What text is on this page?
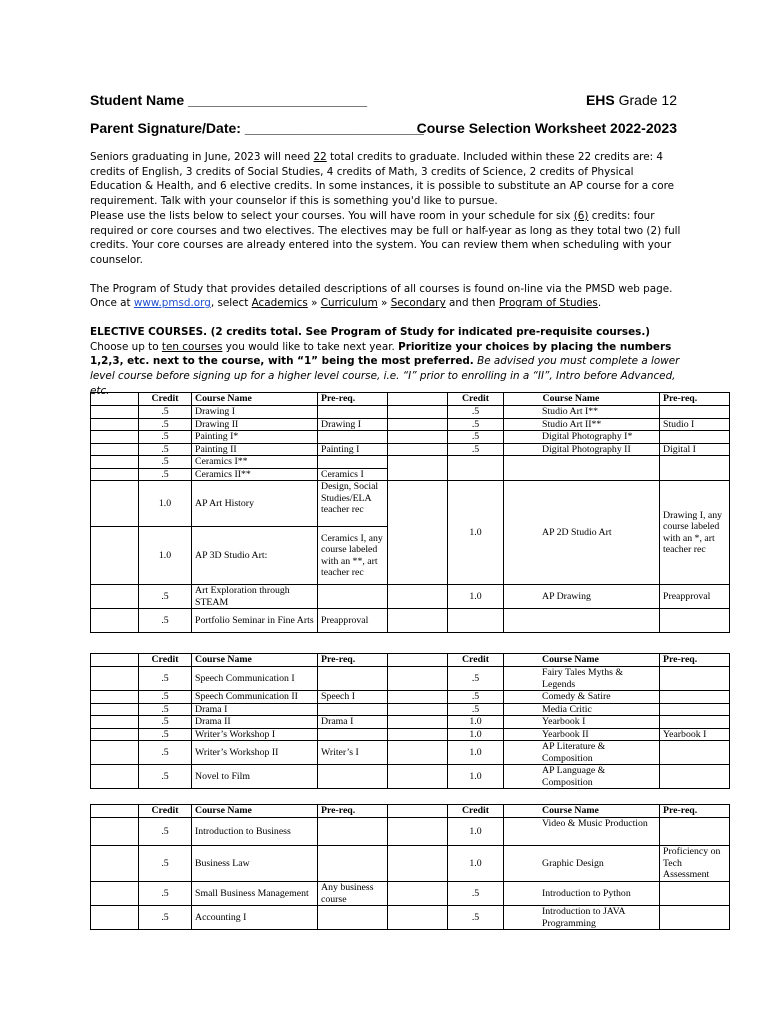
Student Name _______________________	EHS Grade 12
Parent Signature/Date: _______________________
Course Selection Worksheet 2022-2023

Seniors graduating in June, 2023 will need 22 total credits to graduate. Included within these 22 credits are: 4 credits of English, 3 credits of Social Studies, 4 credits of Math, 3 credits of Science, 2 credits of Physical Education & Health, and 6 elective credits. In some instances, it is possible to substitute an AP course for a core requirement. Talk with your counselor if this is something you'd like to pursue.

Please use the lists below to select your courses. You will have room in your schedule for six (6) credits: four required or core courses and two electives. The electives may be full or half-year as long as they total two (2) full credits. Your core courses are already entered into the system. You can review them when scheduling with your counselor.

The Program of Study that provides detailed descriptions of all courses is found on-line via the PMSD web page. Once at www.pmsd.org, select Academics » Curriculum » Secondary and then Program of Studies.

ELECTIVE COURSES. (2 credits total. See Program of Study for indicated pre-requisite courses.)

Choose up to ten courses you would like to take next year. Prioritize your choices by placing the numbers 1,2,3, etc. next to the course, with “1” being the most preferred. Be advised you must complete a lower level course before signing up for a higher level course, i.e. “I” prior to enrolling in a “II”, Intro before Advanced, etc.

	Credit	Course Name	Pre-req.		Credit		Course Name	Pre-req.
	.5	Drawing I			.5	Studio Art I**		
	.5	Drawing II	Drawing I		.5	Studio Art II**		Studio I
	.5	Painting I*			.5	Digital Photography I*		
	.5	Painting II	Painting I		.5	Digital Photography II		Digital I
	.5	Ceramics I**						
	.5	Ceramics II**	Ceramics I					
	1.0	AP Art History	Design, Social Studies/ELA teacher rec		1.0	AP 2D Studio Art		Drawing I, any course labeled with an *, art teacher rec
	1.0	AP 3D Studio Art:	Ceramics I, any course labeled with an **, art teacher rec					
	.5	Art Exploration through STEAM			1.0	AP Drawing		Preapproval
	.5	Portfolio Seminar in Fine Arts	Preapproval					
	Credit	Course Name	Pre-req.		Credit	Course Name	Pre-req.
	.5	Speech Communication I			.5	Fairy Tales Myths & Legends	
	.5	Speech Communication II	Speech I		.5	Comedy & Satire	
	.5	Drama I			.5	Media Critic	
	.5	Drama II	Drama I		1.0	Yearbook I	
	.5	Writer’s Workshop I			1.0	Yearbook II	Yearbook I
	.5	Writer’s Workshop II	Writer’s I		1.0	AP Literature & Composition	
	.5	Novel to Film			1.0	AP Language & Composition	
	Credit	Course Name	Pre-req.		Credit	Course Name	Pre-req.
	.5	Introduction to Business			1.0	Video & Music Production	
	.5	Business Law			1.0	Graphic Design	Proficiency on Tech Assessment
	.5	Small Business Management	Any business course		.5	Introduction to Python	
	.5	Accounting I			.5	Introduction to JAVA Programming	
